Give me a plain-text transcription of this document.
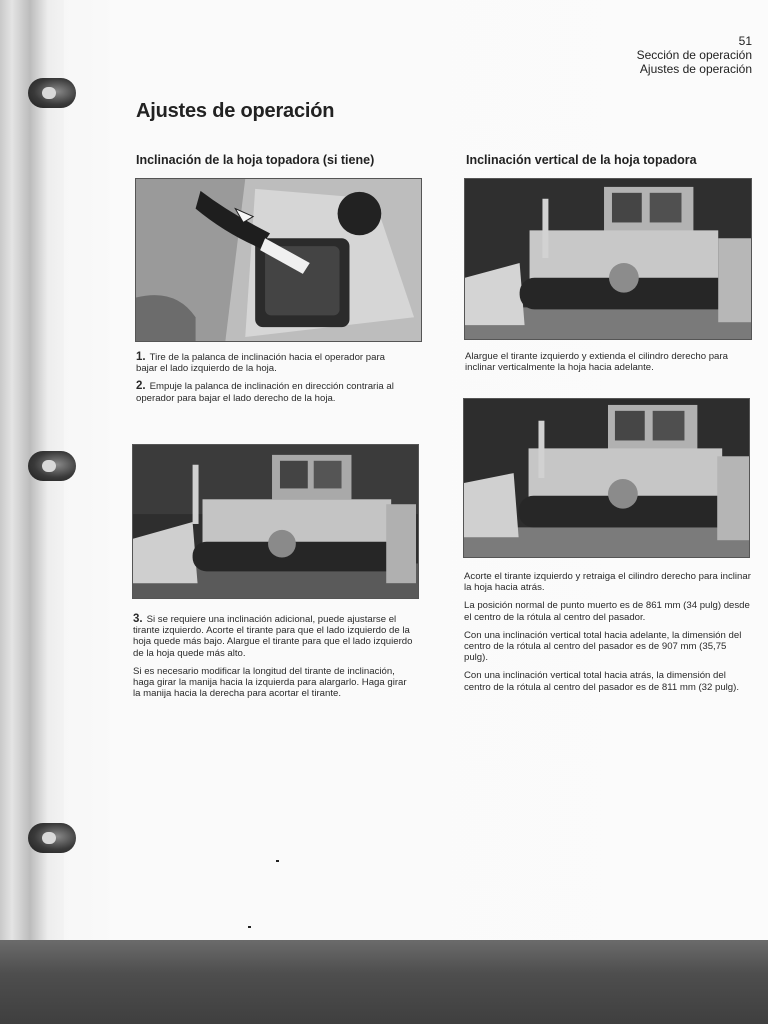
51
Sección de operación
Ajustes de operación
Ajustes de operación
Inclinación de la hoja topadora (si tiene)

1. Tire de la palanca de inclinación hacia el operador para bajar el lado izquierdo de la hoja.

2. Empuje la palanca de inclinación en dirección contraria al operador para bajar el lado derecho de la hoja.

3. Si se requiere una inclinación adicional, puede ajustarse el tirante izquierdo. Acorte el tirante para que el lado izquierdo de la hoja quede más bajo. Alargue el tirante para que el lado izquierdo de la hoja quede más alto.

Si es necesario modificar la longitud del tirante de inclinación, haga girar la manija hacia la izquierda para alargarlo. Haga girar la manija hacia la derecha para acortar el tirante.

Inclinación vertical de la hoja topadora

Alargue el tirante izquierdo y extienda el cilindro derecho para inclinar verticalmente la hoja hacia adelante.

Acorte el tirante izquierdo y retraiga el cilindro derecho para inclinar la hoja hacia atrás.

La posición normal de punto muerto es de 861 mm (34 pulg) desde el centro de la rótula al centro del pasador.

Con una inclinación vertical total hacia adelante, la dimensión del centro de la rótula al centro del pasador es de 907 mm (35,75 pulg).

Con una inclinación vertical total hacia atrás, la dimensión del centro de la rótula al centro del pasador es de 811 mm (32 pulg).
